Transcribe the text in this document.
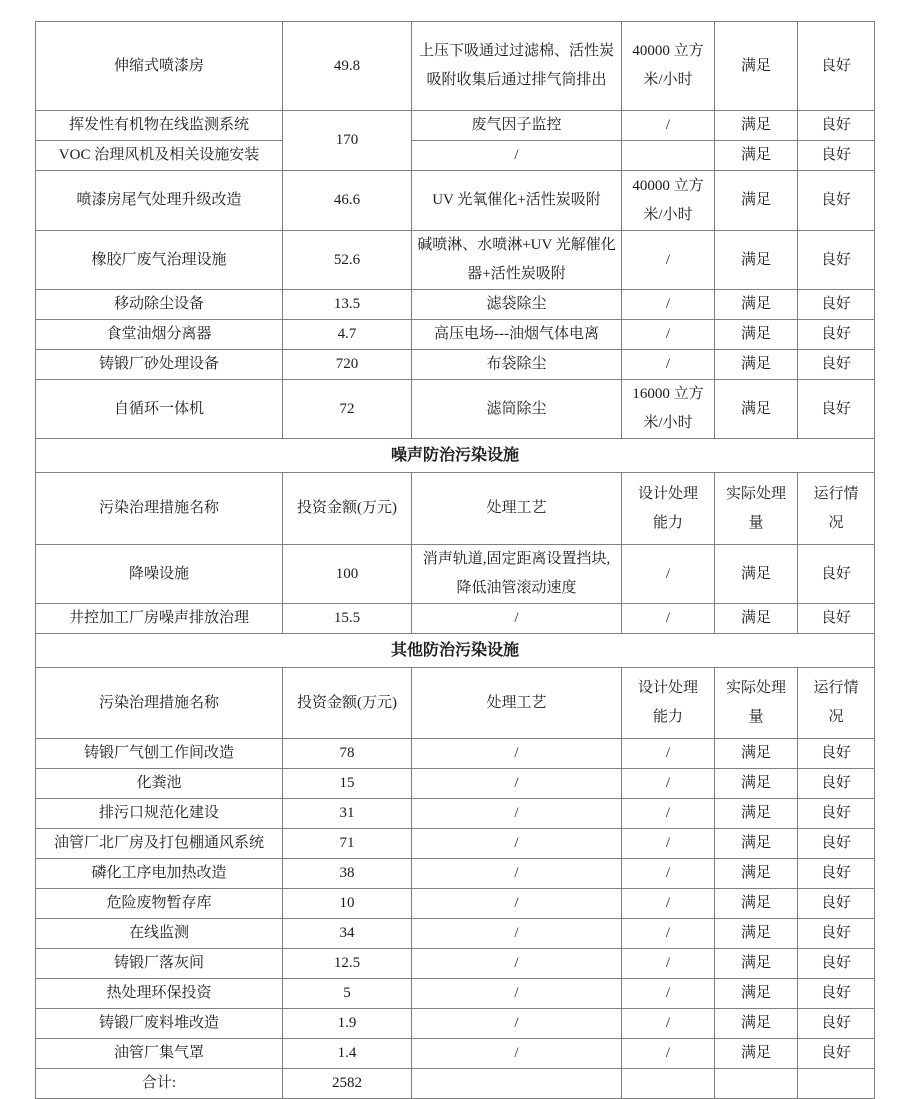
伸缩式喷漆房	49.8	上压下吸通过过滤棉、活性炭吸附收集后通过排气筒排出	40000 立方米/小时	满足	良好
挥发性有机物在线监测系统	170	废气因子监控	/	满足	良好
VOC 治理风机及相关设施安装		/		满足	良好
喷漆房尾气处理升级改造	46.6	UV 光氧催化+活性炭吸附	40000 立方米/小时	满足	良好
橡胶厂废气治理设施	52.6	碱喷淋、水喷淋+UV 光解催化器+活性炭吸附	/	满足	良好
移动除尘设备	13.5	滤袋除尘	/	满足	良好
食堂油烟分离器	4.7	高压电场---油烟气体电离	/	满足	良好
铸锻厂砂处理设备	720	布袋除尘	/	满足	良好
自循环一体机	72	滤筒除尘	16000 立方米/小时	满足	良好
噪声防治污染设施					
污染治理措施名称	投资金额(万元)	处理工艺	设计处理能力	实际处理量	运行情况
降噪设施	100	消声轨道,固定距离设置挡块,降低油管滚动速度	/	满足	良好
井控加工厂房噪声排放治理	15.5	/	/	满足	良好
其他防治污染设施					
污染治理措施名称	投资金额(万元)	处理工艺	设计处理能力	实际处理量	运行情况
铸锻厂气刨工作间改造	78	/	/	满足	良好
化粪池	15	/	/	满足	良好
排污口规范化建设	31	/	/	满足	良好
油管厂北厂房及打包棚通风系统	71	/	/	满足	良好
磷化工序电加热改造	38	/	/	满足	良好
危险废物暂存库	10	/	/	满足	良好
在线监测	34	/	/	满足	良好
铸锻厂落灰间	12.5	/	/	满足	良好
热处理环保投资	5	/	/	满足	良好
铸锻厂废料堆改造	1.9	/	/	满足	良好
油管厂集气罩	1.4	/	/	满足	良好
合计:	2582				
